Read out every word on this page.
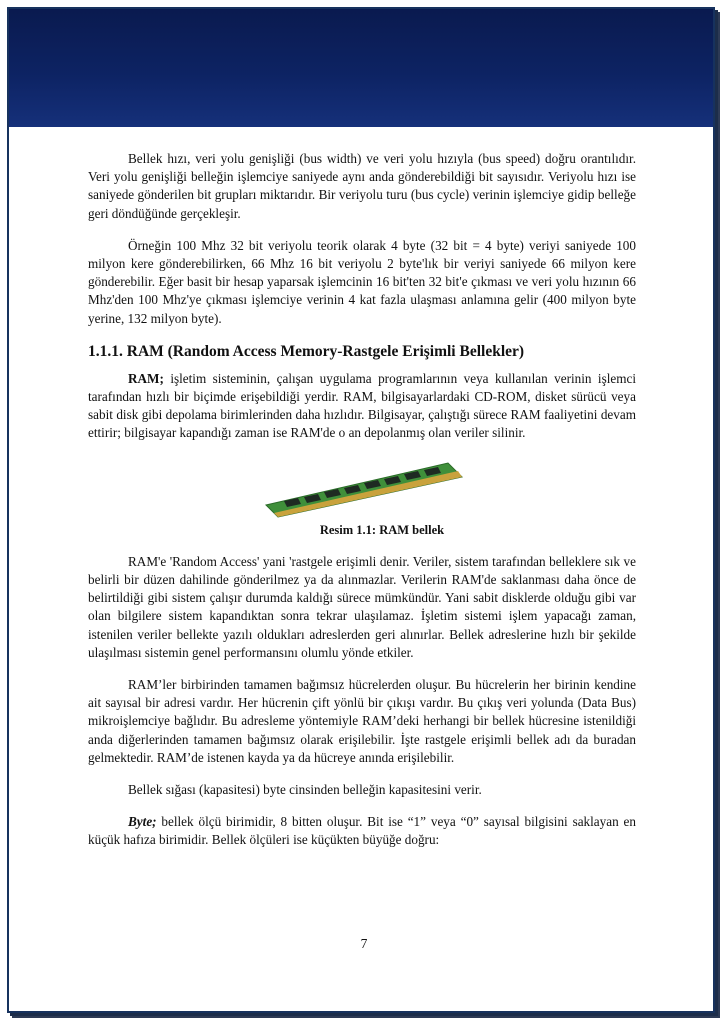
Bellek hızı, veri yolu genişliği (bus width) ve veri yolu hızıyla (bus speed) doğru orantılıdır. Veri yolu genişliği belleğin işlemciye saniyede aynı anda gönderebildiği bit sayısıdır. Veriyolu hızı ise saniyede gönderilen bit grupları miktarıdır. Bir veriyolu turu (bus cycle) verinin işlemciye gidip belleğe geri döndüğünde gerçekleşir.

Örneğin 100 Mhz 32 bit veriyolu teorik olarak 4 byte (32 bit = 4 byte) veriyi saniyede 100 milyon kere gönderebilirken, 66 Mhz 16 bit veriyolu 2 byte'lık bir veriyi saniyede 66 milyon kere gönderebilir. Eğer basit bir hesap yaparsak işlemcinin 16 bit'ten 32 bit'e çıkması ve veri yolu hızının 66 Mhz'den 100 Mhz'ye çıkması işlemciye verinin 4 kat fazla ulaşması anlamına gelir (400 milyon byte yerine, 132 milyon byte).

1.1.1. RAM (Random Access Memory-Rastgele Erişimli Bellekler)

RAM; işletim sisteminin, çalışan uygulama programlarının veya kullanılan verinin işlemci tarafından hızlı bir biçimde erişebildiği yerdir. RAM, bilgisayarlardaki CD-ROM, disket sürücü veya sabit disk gibi depolama birimlerinden daha hızlıdır. Bilgisayar, çalıştığı sürece RAM faaliyetini devam ettirir; bilgisayar kapandığı zaman ise RAM'de o an depolanmış olan veriler silinir.

Resim 1.1: RAM bellek

RAM'e 'Random Access' yani 'rastgele erişimli denir. Veriler, sistem tarafından belleklere sık ve belirli bir düzen dahilinde gönderilmez ya da alınmazlar. Verilerin RAM'de saklanması daha önce de belirtildiği gibi sistem çalışır durumda kaldığı sürece mümkündür. Yani sabit disklerde olduğu gibi var olan bilgilere sistem kapandıktan sonra tekrar ulaşılamaz. İşletim sistemi işlem yapacağı zaman, istenilen veriler bellekte yazılı oldukları adreslerden geri alınırlar. Bellek adreslerine hızlı bir şekilde ulaşılması sistemin genel performansını olumlu yönde etkiler.

RAM’ler birbirinden tamamen bağımsız hücrelerden oluşur. Bu hücrelerin her birinin kendine ait sayısal bir adresi vardır. Her hücrenin çift yönlü bir çıkışı vardır. Bu çıkış veri yolunda (Data Bus) mikroişlemciye bağlıdır. Bu adresleme yöntemiyle RAM’deki herhangi bir bellek hücresine istenildiği anda diğerlerinden tamamen bağımsız olarak erişilebilir. İşte rastgele erişimli bellek adı da buradan gelmektedir. RAM’de istenen kayda ya da hücreye anında erişilebilir.

Bellek sığası (kapasitesi) byte cinsinden belleğin kapasitesini verir.

Byte; bellek ölçü birimidir, 8 bitten oluşur. Bit ise “1” veya “0” sayısal bilgisini saklayan en küçük hafıza birimidir. Bellek ölçüleri ise küçükten büyüğe doğru:

7
